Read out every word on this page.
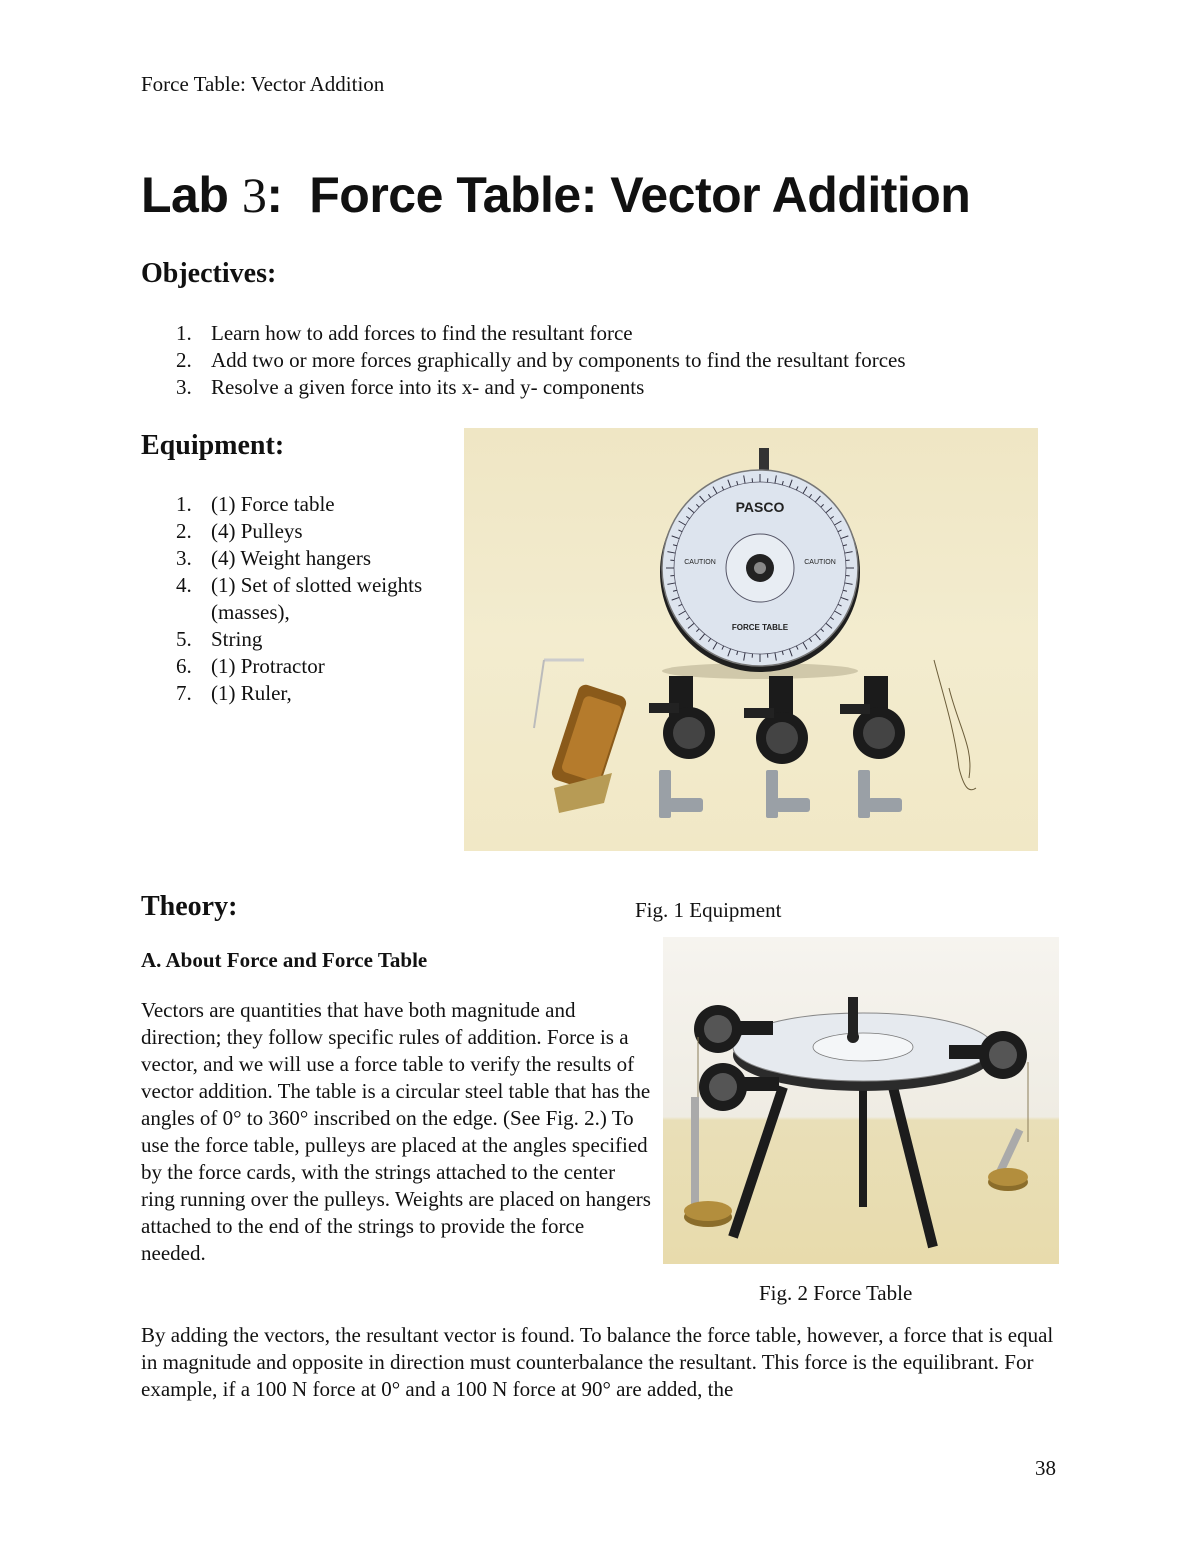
Force Table: Vector Addition
Lab 3: Force Table: Vector Addition
Objectives:
1. Learn how to add forces to find the resultant force
2. Add two or more forces graphically and by components to find the resultant forces
3. Resolve a given force into its x- and y- components
Equipment:
1. (1) Force table
2. (4) Pulleys
3. (4) Weight hangers
4. (1) Set of slotted weights (masses),
5. String
6. (1) Protractor
7. (1) Ruler,
PASCO
CAUTION	CAUTION
FORCE TABLE
Fig. 1 Equipment
Theory:
A. About Force and Force Table
Vectors are quantities that have both magnitude and direction; they follow specific rules of addition. Force is a vector, and we will use a force table to verify the results of vector addition. The table is a circular steel table that has the angles of 0° to 360° inscribed on the edge. (See Fig. 2.) To use the force table, pulleys are placed at the angles specified by the force cards, with the strings attached to the center ring running over the pulleys. Weights are placed on hangers attached to the end of the strings to provide the force needed.
Fig. 2 Force Table
By adding the vectors, the resultant vector is found. To balance the force table, however, a force that is equal in magnitude and opposite in direction must counterbalance the resultant. This force is the equilibrant. For example, if a 100 N force at 0° and a 100 N force at 90° are added, the
38
